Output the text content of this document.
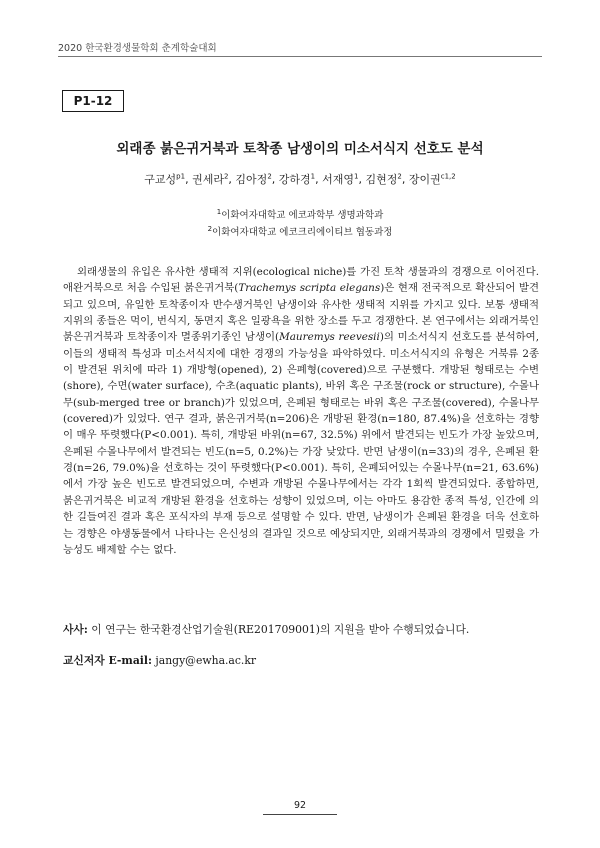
2020 한국환경생물학회 춘계학술대회
P1-12
외래종 붉은귀거북과 토착종 남생이의 미소서식지 선호도 분석
구교성$^{p1}$, 권세라$^2$, 김아정$^2$, 강하경$^1$, 서재영$^1$, 김현정$^2$, 장이권$^{c1,2}$
$^1$이화여자대학교 에코과학부 생명과학과
$^2$이화여자대학교 에코크리에이티브 협동과정

외래생물의 유입은 유사한 생태적 지위(ecological niche)를 가진 토착 생물과의 경쟁으로 이어진다. 애완거북으로 처음 수입된 붉은귀거북(Trachemys scripta elegans)은 현재 전국적으로 확산되어 발견되고 있으며, 유일한 토착종이자 반수생거북인 남생이와 유사한 생태적 지위를 가지고 있다. 보통 생태적 지위의 종들은 먹이, 번식지, 동면지 혹은 일광욕을 위한 장소를 두고 경쟁한다. 본 연구에서는 외래거북인 붉은귀거북과 토착종이자 멸종위기종인 남생이(Mauremys reevesii)의 미소서식지 선호도를 분석하여, 이들의 생태적 특성과 미소서식지에 대한 경쟁의 가능성을 파악하였다. 미소서식지의 유형은 거북류 2종이 발견된 위치에 따라 1) 개방형(opened), 2) 은폐형(covered)으로 구분했다. 개방된 형태로는 수변(shore), 수면(water surface), 수초(aquatic plants), 바위 혹은 구조물(rock or structure), 수몰나무(sub-merged tree or branch)가 있었으며, 은폐된 형태로는 바위 혹은 구조물(covered), 수몰나무(covered)가 있었다. 연구 결과, 붉은귀거북(n=206)은 개방된 환경(n=180, 87.4%)을 선호하는 경향이 매우 뚜렷했다(P<0.001). 특히, 개방된 바위(n=67, 32.5%) 위에서 발견되는 빈도가 가장 높았으며, 은폐된 수몰나무에서 발견되는 빈도(n=5, 0.2%)는 가장 낮았다. 반면 남생이(n=33)의 경우, 은폐된 환경(n=26, 79.0%)을 선호하는 것이 뚜렷했다(P<0.001). 특히, 은폐되어있는 수몰나무(n=21, 63.6%)에서 가장 높은 빈도로 발견되었으며, 수변과 개방된 수몰나무에서는 각각 1회씩 발견되었다. 종합하면, 붉은귀거북은 비교적 개방된 환경을 선호하는 성향이 있었으며, 이는 아마도 용감한 종적 특성, 인간에 의한 길들여진 결과 혹은 포식자의 부재 등으로 설명할 수 있다. 반면, 남생이가 은폐된 환경을 더욱 선호하는 경향은 야생동물에서 나타나는 은신성의 결과일 것으로 예상되지만, 외래거북과의 경쟁에서 밀렸을 가능성도 배제할 수는 없다.

사사: 이 연구는 한국환경산업기술원(RE201709001)의 지원을 받아 수행되었습니다.
교신저자 E-mail: jangy@ewha.ac.kr
92
